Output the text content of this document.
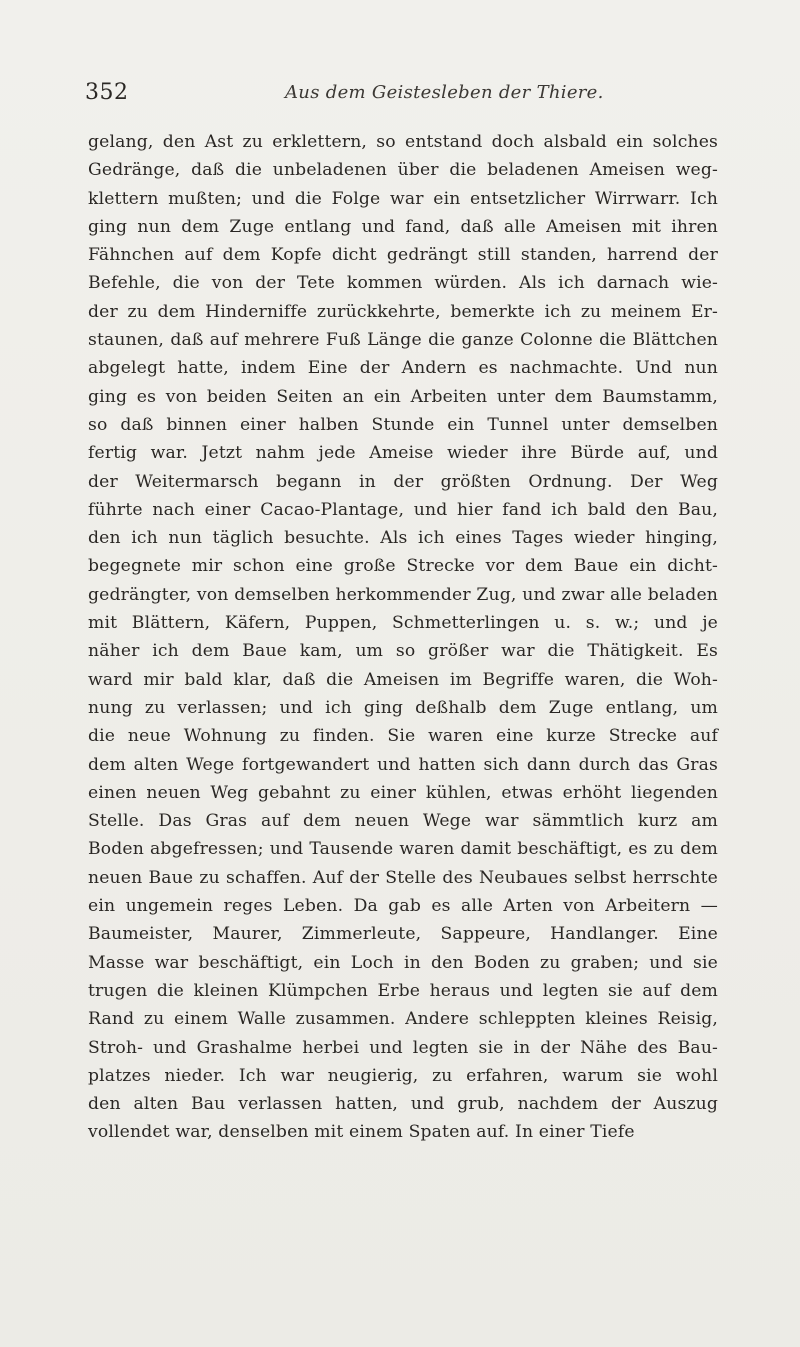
352	Aus dem Geistesleben der Thiere.
gelang, den Ast zu erklettern, so entstand doch alsbald ein solches
Gedränge, daß die unbeladenen über die beladenen Ameisen weg-
klettern mußten; und die Folge war ein entsetzlicher Wirrwarr. Ich
ging nun dem Zuge entlang und fand, daß alle Ameisen mit ihren
Fähnchen auf dem Kopfe dicht gedrängt still standen, harrend der
Befehle, die von der Tete kommen würden. Als ich darnach wie-
der zu dem Hinderniffe zurückkehrte, bemerkte ich zu meinem Er-
staunen, daß auf mehrere Fuß Länge die ganze Colonne die Blättchen
abgelegt hatte, indem Eine der Andern es nachmachte. Und nun
ging es von beiden Seiten an ein Arbeiten unter dem Baumstamm,
so daß binnen einer halben Stunde ein Tunnel unter demselben
fertig war. Jetzt nahm jede Ameise wieder ihre Bürde auf, und
der Weitermarsch begann in der größten Ordnung. Der Weg
führte nach einer Cacao-Plantage, und hier fand ich bald den Bau,
den ich nun täglich besuchte. Als ich eines Tages wieder hinging,
begegnete mir schon eine große Strecke vor dem Baue ein dicht-
gedrängter, von demselben herkommender Zug, und zwar alle beladen
mit Blättern, Käfern, Puppen, Schmetterlingen u. s. w.; und je
näher ich dem Baue kam, um so größer war die Thätigkeit. Es
ward mir bald klar, daß die Ameisen im Begriffe waren, die Woh-
nung zu verlassen; und ich ging deßhalb dem Zuge entlang, um
die neue Wohnung zu finden. Sie waren eine kurze Strecke auf
dem alten Wege fortgewandert und hatten sich dann durch das Gras
einen neuen Weg gebahnt zu einer kühlen, etwas erhöht liegenden
Stelle. Das Gras auf dem neuen Wege war sämmtlich kurz am
Boden abgefressen; und Tausende waren damit beschäftigt, es zu dem
neuen Baue zu schaffen. Auf der Stelle des Neubaues selbst herrschte
ein ungemein reges Leben. Da gab es alle Arten von Arbeitern —
Baumeister, Maurer, Zimmerleute, Sappeure, Handlanger. Eine
Masse war beschäftigt, ein Loch in den Boden zu graben; und sie
trugen die kleinen Klümpchen Erbe heraus und legten sie auf dem
Rand zu einem Walle zusammen. Andere schleppten kleines Reisig,
Stroh- und Grashalme herbei und legten sie in der Nähe des Bau-
platzes nieder. Ich war neugierig, zu erfahren, warum sie wohl
den alten Bau verlassen hatten, und grub, nachdem der Auszug
vollendet war, denselben mit einem Spaten auf. In einer Tiefe
